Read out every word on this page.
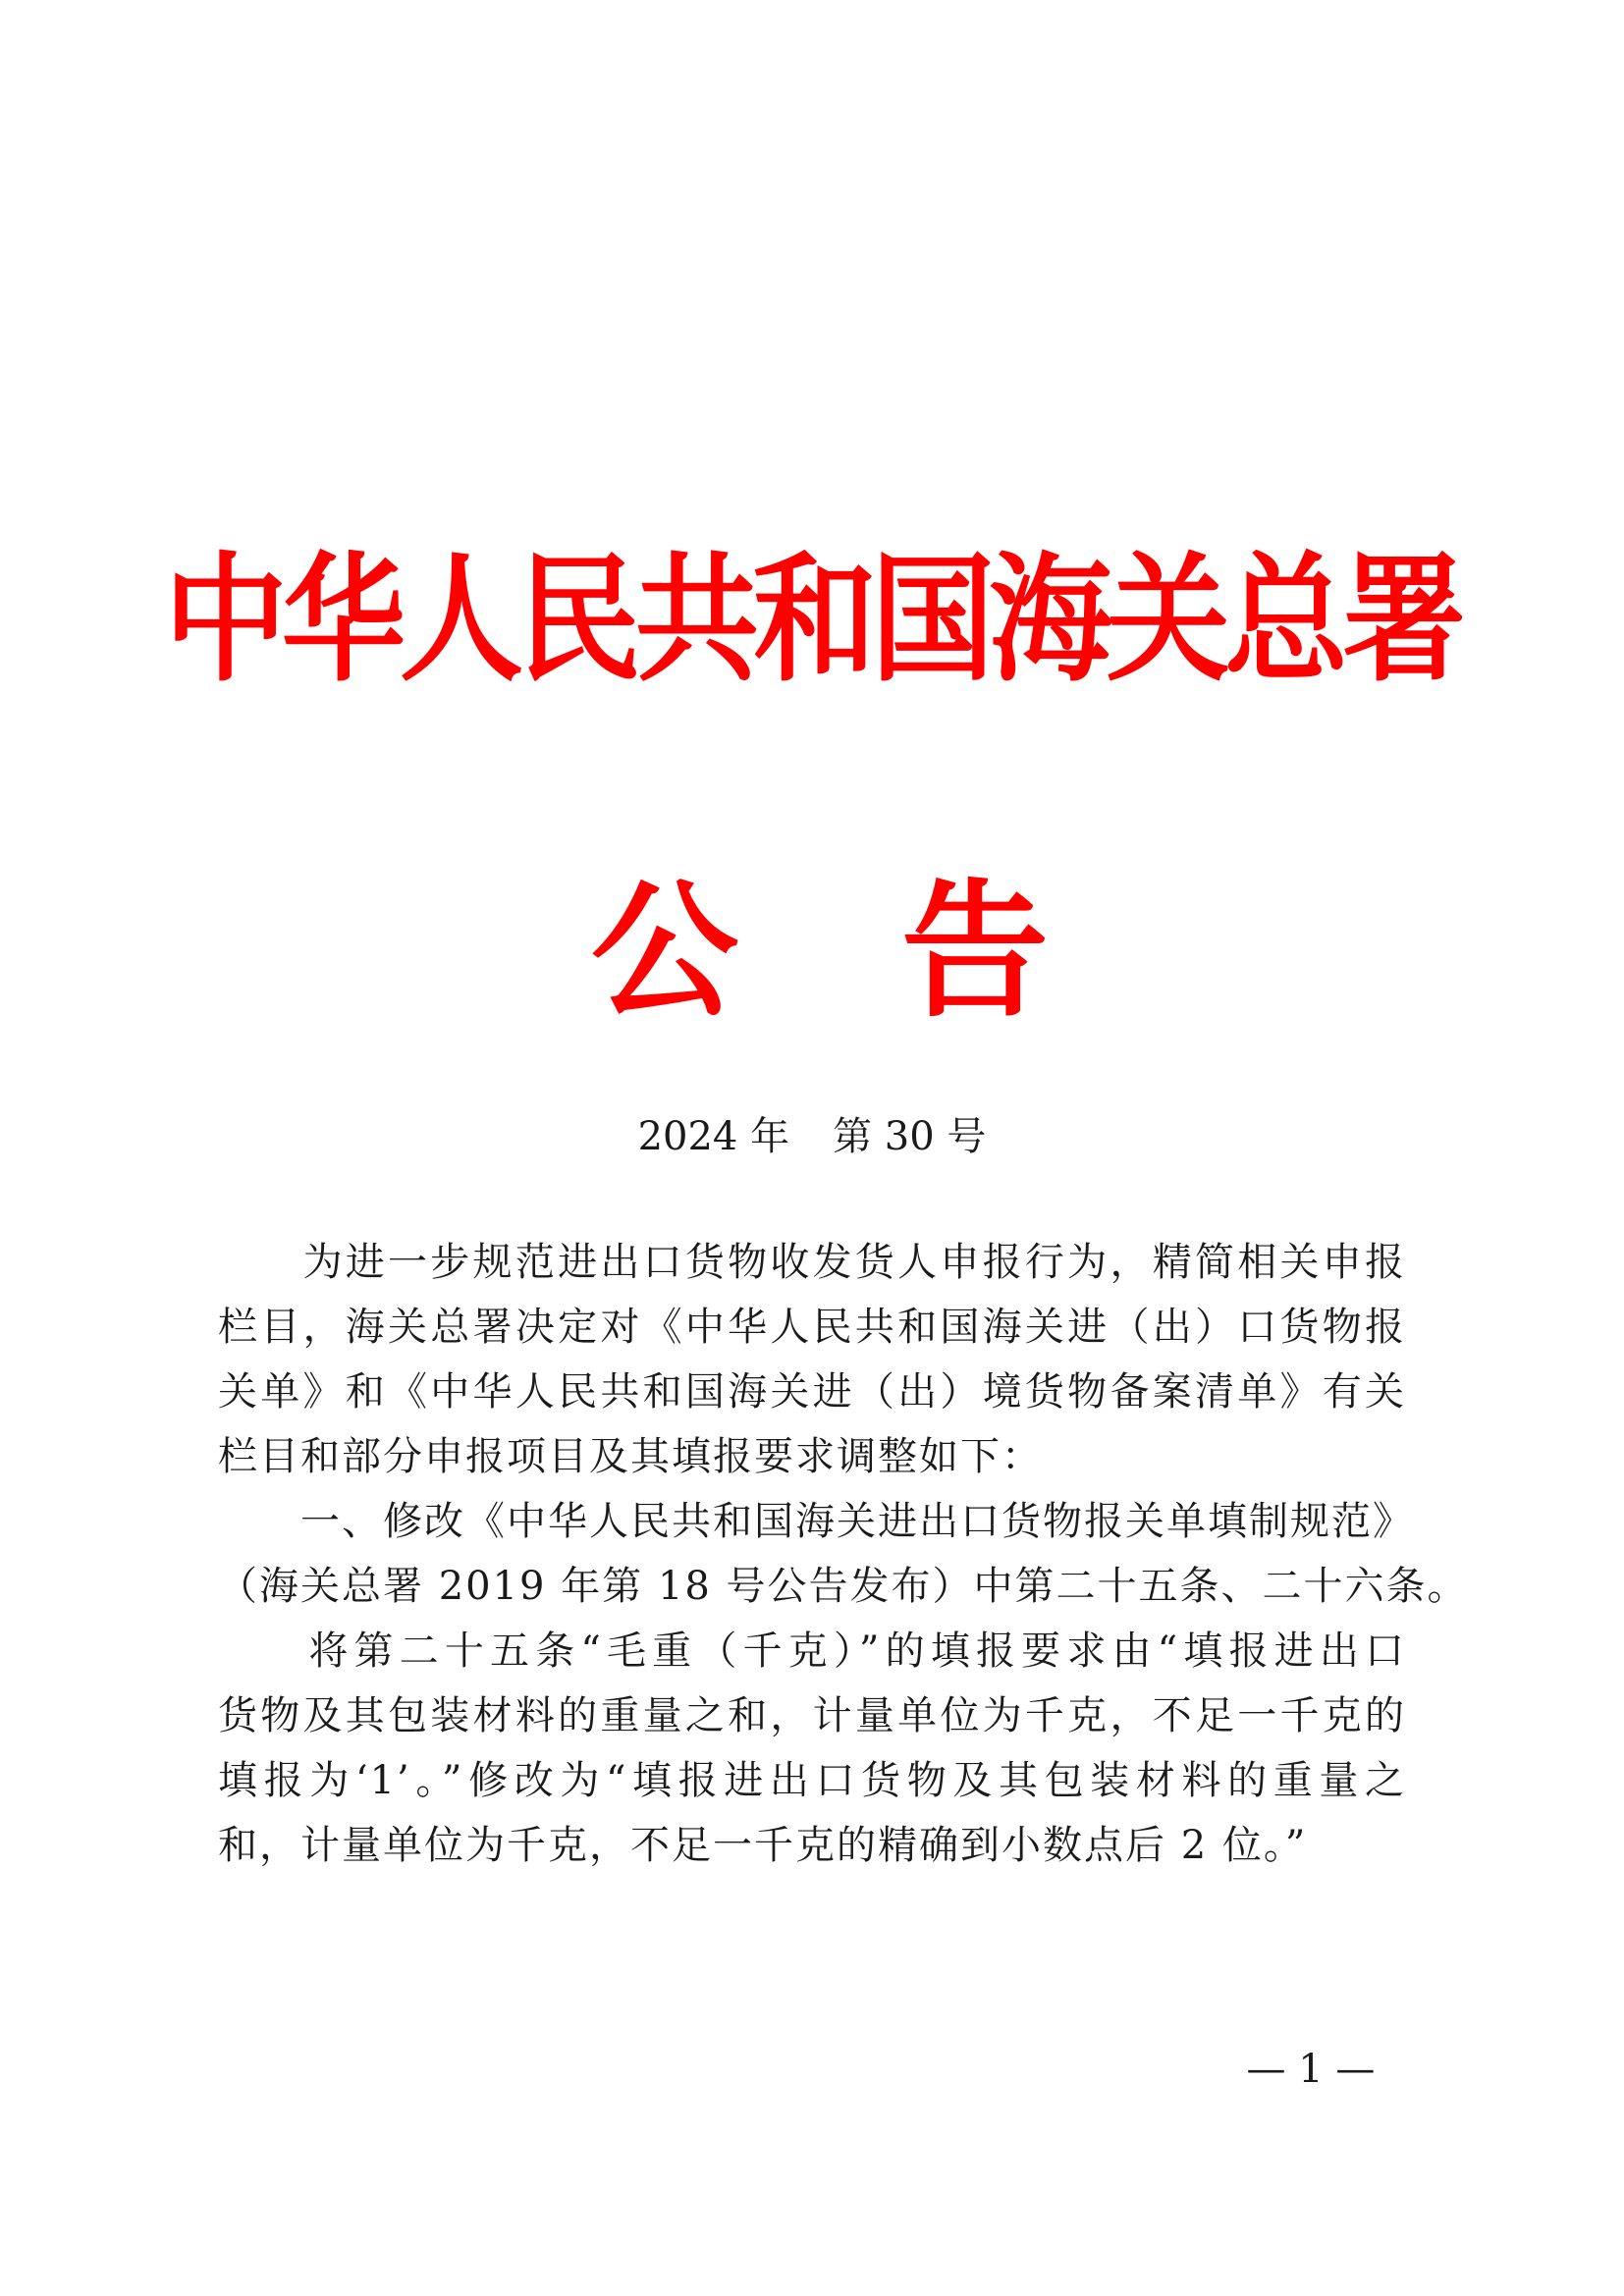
中华人民共和国海关总署
公 告
2024 年 第 30 号
　　为进一步规范进出口货物收发货人申报行为，精简相关申报
栏目，海关总署决定对《中华人民共和国海关进（出）口货物报
关单》和《中华人民共和国海关进（出）境货物备案清单》有关
栏目和部分申报项目及其填报要求调整如下：
　　一、修改《中华人民共和国海关进出口货物报关单填制规范》
（海关总署 2019 年第 18 号公告发布）中第二十五条、二十六条。
　　将第二十五条“毛重（千克）”的填报要求由“填报进出口
货物及其包装材料的重量之和，计量单位为千克，不足一千克的
填报为‘1’。”修改为“填报进出口货物及其包装材料的重量之
和，计量单位为千克，不足一千克的精确到小数点后 2 位。”
— 1 —
